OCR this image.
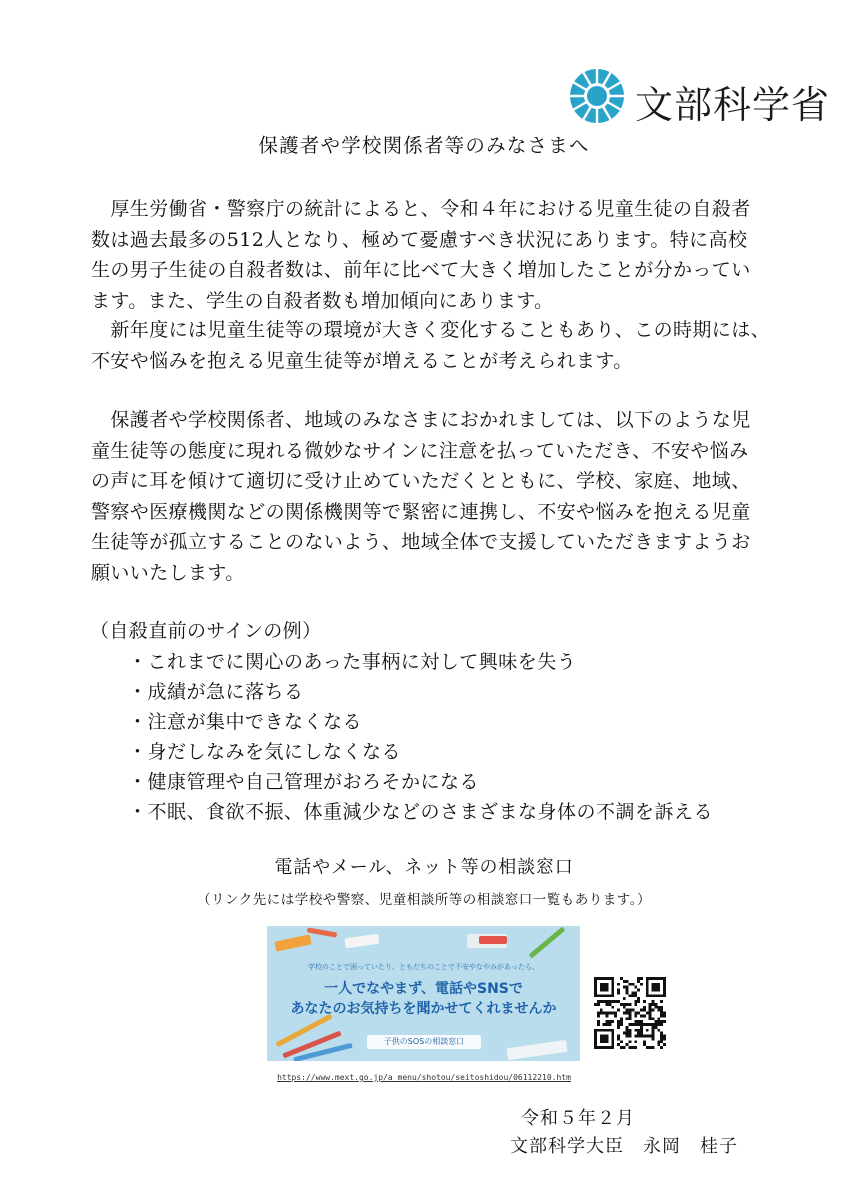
文部科学省
保護者や学校関係者等のみなさまへ

　厚生労働省・警察庁の統計によると、令和４年における児童生徒の自殺者
数は過去最多の512人となり、極めて憂慮すべき状況にあります。特に高校
生の男子生徒の自殺者数は、前年に比べて大きく増加したことが分かってい
ます。また、学生の自殺者数も増加傾向にあります。

　新年度には児童生徒等の環境が大きく変化することもあり、この時期には、
不安や悩みを抱える児童生徒等が増えることが考えられます。

　保護者や学校関係者、地域のみなさまにおかれましては、以下のような児
童生徒等の態度に現れる微妙なサインに注意を払っていただき、不安や悩み
の声に耳を傾けて適切に受け止めていただくとともに、学校、家庭、地域、
警察や医療機関などの関係機関等で緊密に連携し、不安や悩みを抱える児童
生徒等が孤立することのないよう、地域全体で支援していただきますようお
願いいたします。

（自殺直前のサインの例）
・これまでに関心のあった事柄に対して興味を失う
・成績が急に落ちる
・注意が集中できなくなる
・身だしなみを気にしなくなる
・健康管理や自己管理がおろそかになる
・不眠、食欲不振、体重減少などのさまざまな身体の不調を訴える
電話やメール、ネット等の相談窓口
（リンク先には学校や警察、児童相談所等の相談窓口一覧もあります。）
学校のことで困っていたり、ともだちのことで不安やなやみがあったら、
一人でなやまず、電話やSNSで
あなたのお気持ちを聞かせてくれませんか
子供のSOSの相談窓口
https://www.mext.go.jp/a_menu/shotou/seitoshidou/06112210.htm
令和５年２月
文部科学大臣　永岡　桂子
